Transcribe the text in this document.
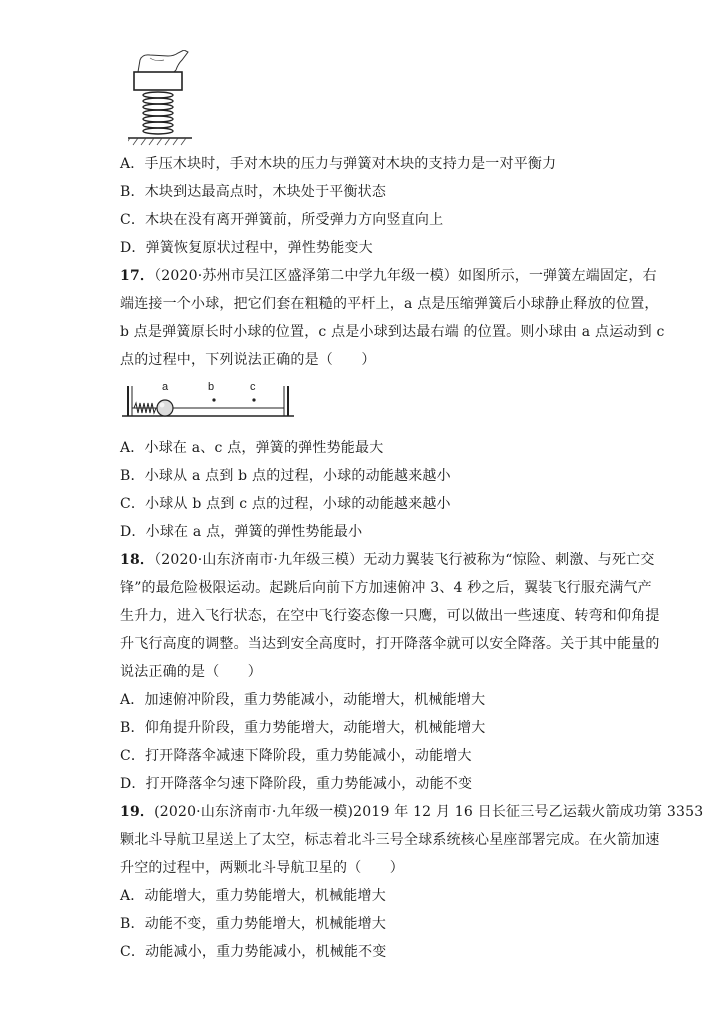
A．手压木块时，手对木块的压力与弹簧对木块的支持力是一对平衡力
B．木块到达最高点时，木块处于平衡状态
C．木块在没有离开弹簧前，所受弹力方向竖直向上
D．弹簧恢复原状过程中，弹性势能变大
17．（2020·苏州市吴江区盛泽第二中学九年级一模）如图所示，一弹簧左端固定，右
端连接一个小球，把它们套在粗糙的平杆上，a 点是压缩弹簧后小球静止释放的位置，
b 点是弹簧原长时小球的位置，c 点是小球到达最右端 的位置。则小球由 a 点运动到 c
点的过程中，下列说法正确的是（　　）
a	b	c
A．小球在 a、c 点，弹簧的弹性势能最大
B．小球从 a 点到 b 点的过程，小球的动能越来越小
C．小球从 b 点到 c 点的过程，小球的动能越来越小
D．小球在 a 点，弹簧的弹性势能最小
18．（2020·山东济南市·九年级三模）无动力翼装飞行被称为“惊险、刺激、与死亡交
锋”的最危险极限运动。起跳后向前下方加速俯冲 3、4 秒之后，翼装飞行服充满气产
生升力，进入飞行状态，在空中飞行姿态像一只鹰，可以做出一些速度、转弯和仰角提
升飞行高度的调整。当达到安全高度时，打开降落伞就可以安全降落。关于其中能量的
说法正确的是（　　）
A．加速俯冲阶段，重力势能减小，动能增大，机械能增大
B．仰角提升阶段，重力势能增大，动能增大，机械能增大
C．打开降落伞减速下降阶段，重力势能减小，动能增大
D．打开降落伞匀速下降阶段，重力势能减小，动能不变
19．(2020·山东济南市·九年级一模)2019 年 12 月 16 日长征三号乙运载火箭成功第 3353
颗北斗导航卫星送上了太空，标志着北斗三号全球系统核心星座部署完成。在火箭加速
升空的过程中，两颗北斗导航卫星的（　　）
A．动能增大，重力势能增大，机械能增大
B．动能不变，重力势能增大，机械能增大
C．动能减小，重力势能减小，机械能不变
